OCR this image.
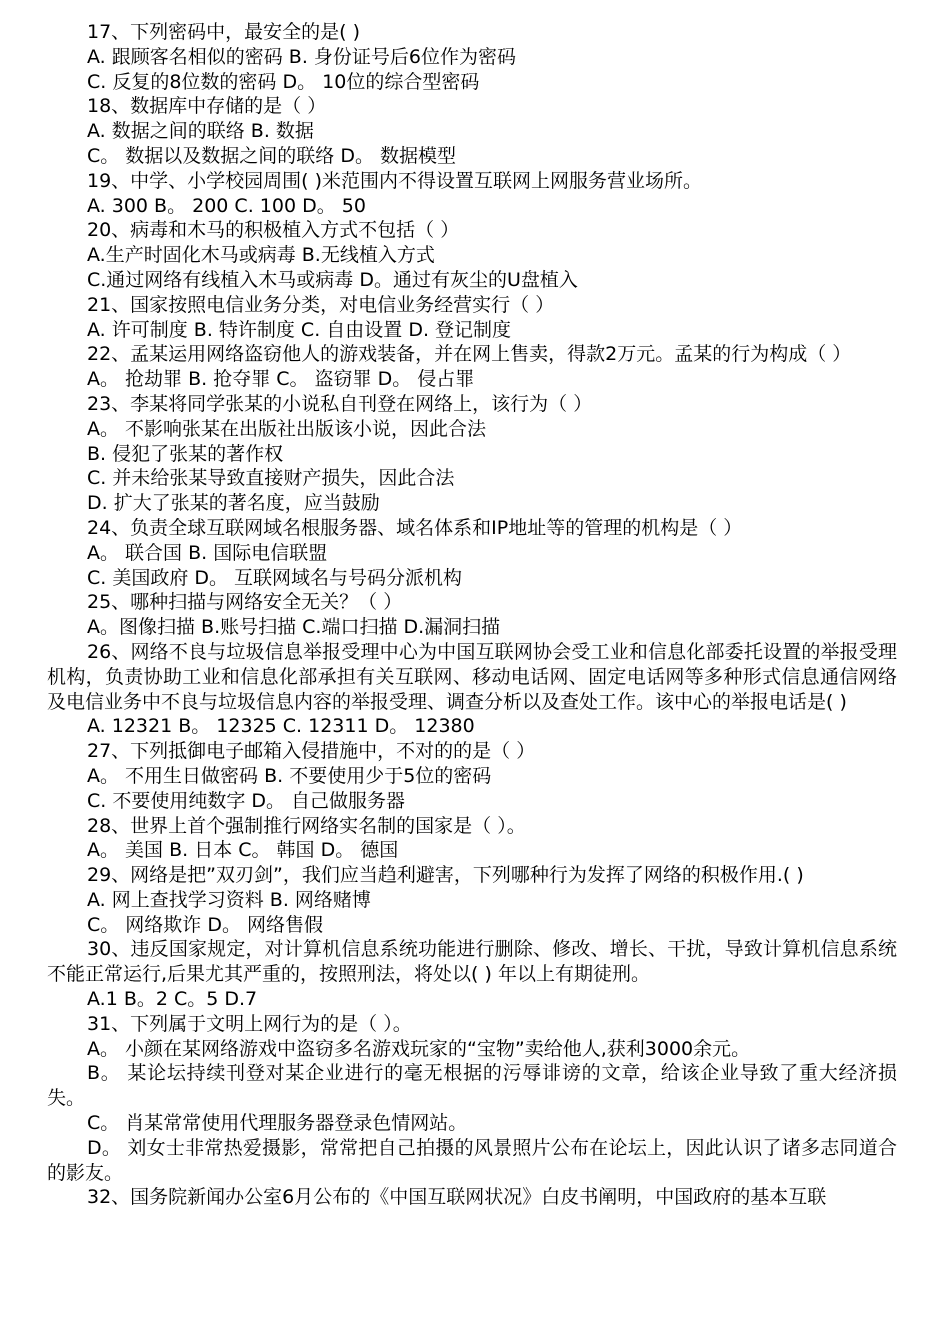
17、下列密码中，最安全的是( )
A. 跟顾客名相似的密码 B. 身份证号后6位作为密码
C. 反复的8位数的密码 D。 10位的综合型密码
18、数据库中存储的是（ ）
A. 数据之间的联络 B. 数据
C。 数据以及数据之间的联络 D。 数据模型
19、中学、小学校园周围( )米范围内不得设置互联网上网服务营业场所。
A. 300 B。 200 C. 100 D。 50
20、病毒和木马的积极植入方式不包括（ ）
A.生产时固化木马或病毒 B.无线植入方式
C.通过网络有线植入木马或病毒 D。通过有灰尘的U盘植入
21、国家按照电信业务分类，对电信业务经营实行（ ）
A. 许可制度 B. 特许制度 C. 自由设置 D. 登记制度
22、孟某运用网络盗窃他人的游戏装备，并在网上售卖，得款2万元。孟某的行为构成（ ）
A。 抢劫罪 B. 抢夺罪 C。 盗窃罪 D。 侵占罪
23、李某将同学张某的小说私自刊登在网络上，该行为（ ）
A。 不影响张某在出版社出版该小说，因此合法
B. 侵犯了张某的著作权
C. 并未给张某导致直接财产损失，因此合法
D. 扩大了张某的著名度，应当鼓励
24、负责全球互联网域名根服务器、域名体系和IP地址等的管理的机构是（ ）
A。 联合国 B. 国际电信联盟
C. 美国政府 D。 互联网域名与号码分派机构
25、哪种扫描与网络安全无关？（ ）
A。图像扫描 B.账号扫描 C.端口扫描 D.漏洞扫描
26、网络不良与垃圾信息举报受理中心为中国互联网协会受工业和信息化部委托设置的举报受理机构，负责协助工业和信息化部承担有关互联网、移动电话网、固定电话网等多种形式信息通信网络及电信业务中不良与垃圾信息内容的举报受理、调查分析以及查处工作。该中心的举报电话是( )
A. 12321 B。 12325 C. 12311 D。 12380
27、下列抵御电子邮箱入侵措施中，不对的的是（ ）
A。 不用生日做密码 B. 不要使用少于5位的密码
C. 不要使用纯数字 D。 自己做服务器
28、世界上首个强制推行网络实名制的国家是（ ）。
A。 美国 B. 日本 C。 韩国 D。 德国
29、网络是把”双刃剑”，我们应当趋利避害，下列哪种行为发挥了网络的积极作用.( )
A. 网上查找学习资料 B. 网络赌博
C。 网络欺诈 D。 网络售假
30、违反国家规定，对计算机信息系统功能进行删除、修改、增长、干扰，导致计算机信息系统不能正常运行,后果尤其严重的，按照刑法，将处以( ) 年以上有期徒刑。
A.1 B。2 C。5 D.7
31、下列属于文明上网行为的是（ ）。
A。 小颜在某网络游戏中盗窃多名游戏玩家的“宝物”卖给他人,获利3000余元。
B。 某论坛持续刊登对某企业进行的毫无根据的污辱诽谤的文章，给该企业导致了重大经济损失。
C。 肖某常常使用代理服务器登录色情网站。
D。 刘女士非常热爱摄影，常常把自己拍摄的风景照片公布在论坛上，因此认识了诸多志同道合的影友。
32、国务院新闻办公室6月公布的《中国互联网状况》白皮书阐明，中国政府的基本互联
